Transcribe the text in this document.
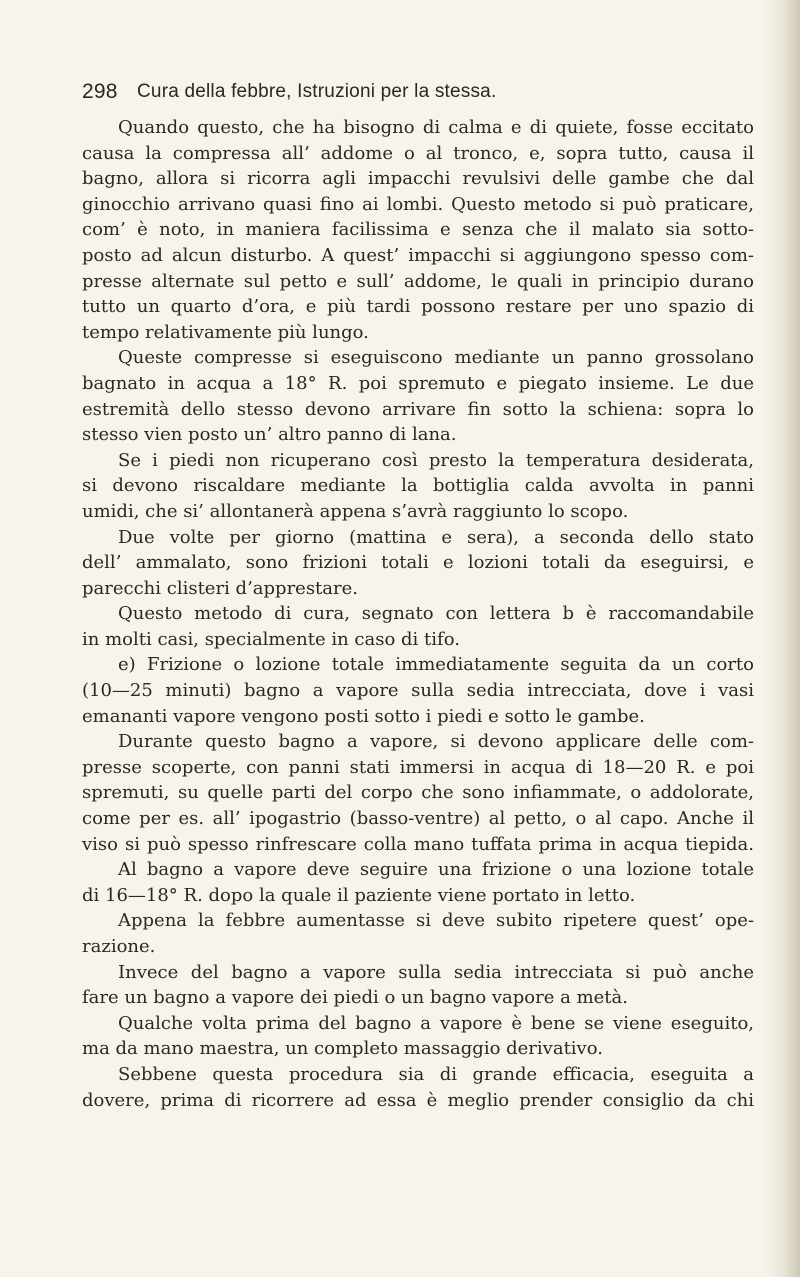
298 Cura della febbre, Istruzioni per la stessa.
Quando questo, che ha bisogno di calma e di quiete, fosse eccitato
causa la compressa all’ addome o al tronco, e, sopra tutto, causa il
bagno, allora si ricorra agli impacchi revulsivi delle gambe che dal
ginocchio arrivano quasi fino ai lombi. Questo metodo si può praticare,
com’ è noto, in maniera facilissima e senza che il malato sia sotto-
posto ad alcun disturbo. A quest’ impacchi si aggiungono spesso com-
presse alternate sul petto e sull’ addome, le quali in principio durano
tutto un quarto d’ora, e più tardi possono restare per uno spazio di
tempo relativamente più lungo.
Queste compresse si eseguiscono mediante un panno grossolano
bagnato in acqua a 18° R. poi spremuto e piegato insieme. Le due
estremità dello stesso devono arrivare fin sotto la schiena: sopra lo
stesso vien posto un’ altro panno di lana.
Se i piedi non ricuperano così presto la temperatura desiderata,
si devono riscaldare mediante la bottiglia calda avvolta in panni
umidi, che si’ allontanerà appena s’avrà raggiunto lo scopo.
Due volte per giorno (mattina e sera), a seconda dello stato
dell’ ammalato, sono frizioni totali e lozioni totali da eseguirsi, e
parecchi clisteri d’apprestare.
Questo metodo di cura, segnato con lettera b è raccomandabile
in molti casi, specialmente in caso di tifo.
e) Frizione o lozione totale immediatamente seguita da un corto
(10—25 minuti) bagno a vapore sulla sedia intrecciata, dove i vasi
emananti vapore vengono posti sotto i piedi e sotto le gambe.
Durante questo bagno a vapore, si devono applicare delle com-
presse scoperte, con panni stati immersi in acqua di 18—20 R. e poi
spremuti, su quelle parti del corpo che sono infiammate, o addolorate,
come per es. all’ ipogastrio (basso-ventre) al petto, o al capo. Anche il
viso si può spesso rinfrescare colla mano tuffata prima in acqua tiepida.
Al bagno a vapore deve seguire una frizione o una lozione totale
di 16—18° R. dopo la quale il paziente viene portato in letto.
Appena la febbre aumentasse si deve subito ripetere quest’ ope-
razione.
Invece del bagno a vapore sulla sedia intrecciata si può anche
fare un bagno a vapore dei piedi o un bagno vapore a metà.
Qualche volta prima del bagno a vapore è bene se viene eseguito,
ma da mano maestra, un completo massaggio derivativo.
Sebbene questa procedura sia di grande efficacia, eseguita a
dovere, prima di ricorrere ad essa è meglio prender consiglio da chi
